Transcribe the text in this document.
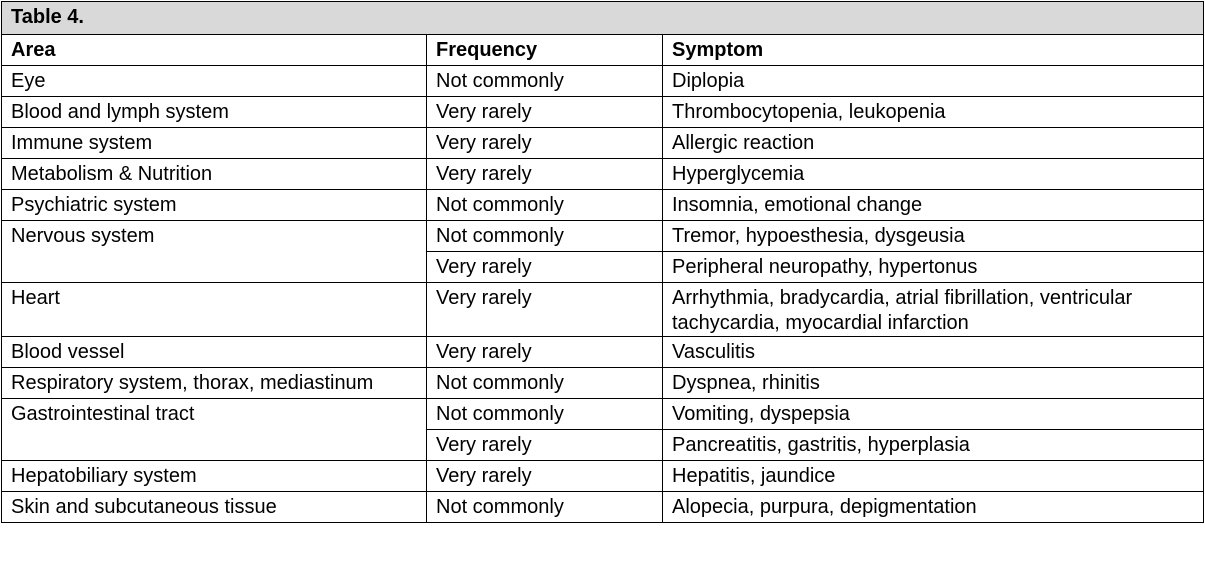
Table 4.		
Area	Frequency	Symptom
Eye	Not commonly	Diplopia
Blood and lymph system	Very rarely	Thrombocytopenia, leukopenia
Immune system	Very rarely	Allergic reaction
Metabolism & Nutrition	Very rarely	Hyperglycemia
Psychiatric system	Not commonly	Insomnia, emotional change
Nervous system	Not commonly	Tremor, hypoesthesia, dysgeusia
	Very rarely	Peripheral neuropathy, hypertonus
Heart	Very rarely	Arrhythmia, bradycardia, atrial fibrillation, ventricular tachycardia, myocardial infarction
Blood vessel	Very rarely	Vasculitis
Respiratory system, thorax, mediastinum	Not commonly	Dyspnea, rhinitis
Gastrointestinal tract	Not commonly	Vomiting, dyspepsia
	Very rarely	Pancreatitis, gastritis, hyperplasia
Hepatobiliary system	Very rarely	Hepatitis, jaundice
Skin and subcutaneous tissue	Not commonly	Alopecia, purpura, depigmentation
